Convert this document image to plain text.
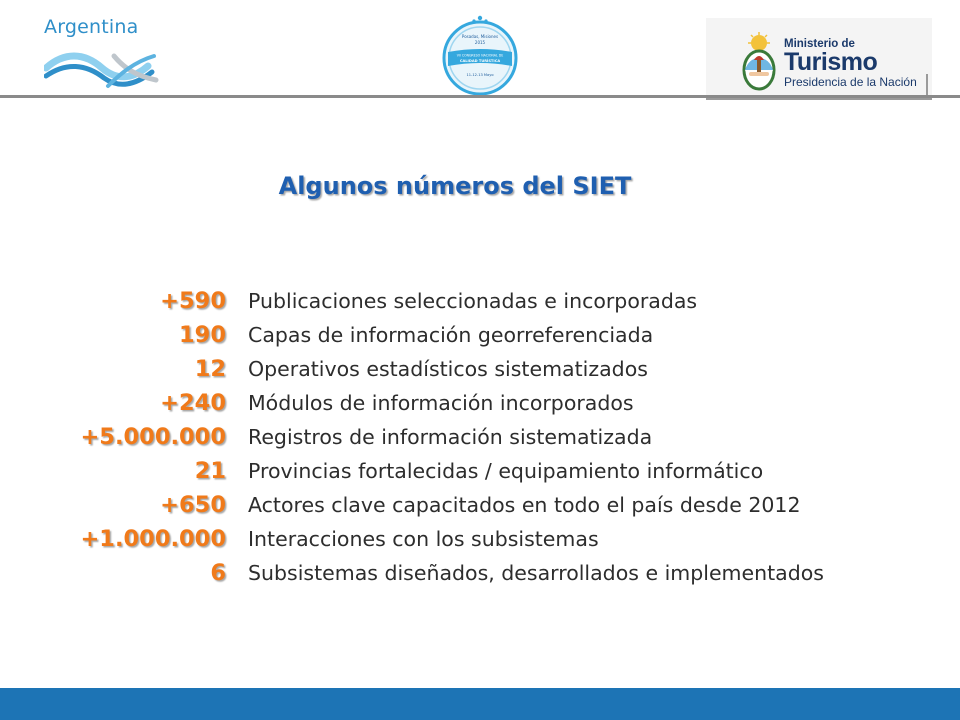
Argentina	Posadas, Misiones
2015
VII CONGRESO NACIONAL DE
CALIDAD TURÍSTICA
11-12-13 Mayo
Ministerio de
Turismo
Presidencia de la Nación
Algunos números del SIET
+590 Publicaciones seleccionadas e incorporadas
190 Capas de información georreferenciada
12 Operativos estadísticos sistematizados
+240 Módulos de información incorporados
+5.000.000 Registros de información sistematizada
21 Provincias fortalecidas / equipamiento informático
+650 Actores clave capacitados en todo el país desde 2012
+1.000.000 Interacciones con los subsistemas
6 Subsistemas diseñados, desarrollados e implementados
